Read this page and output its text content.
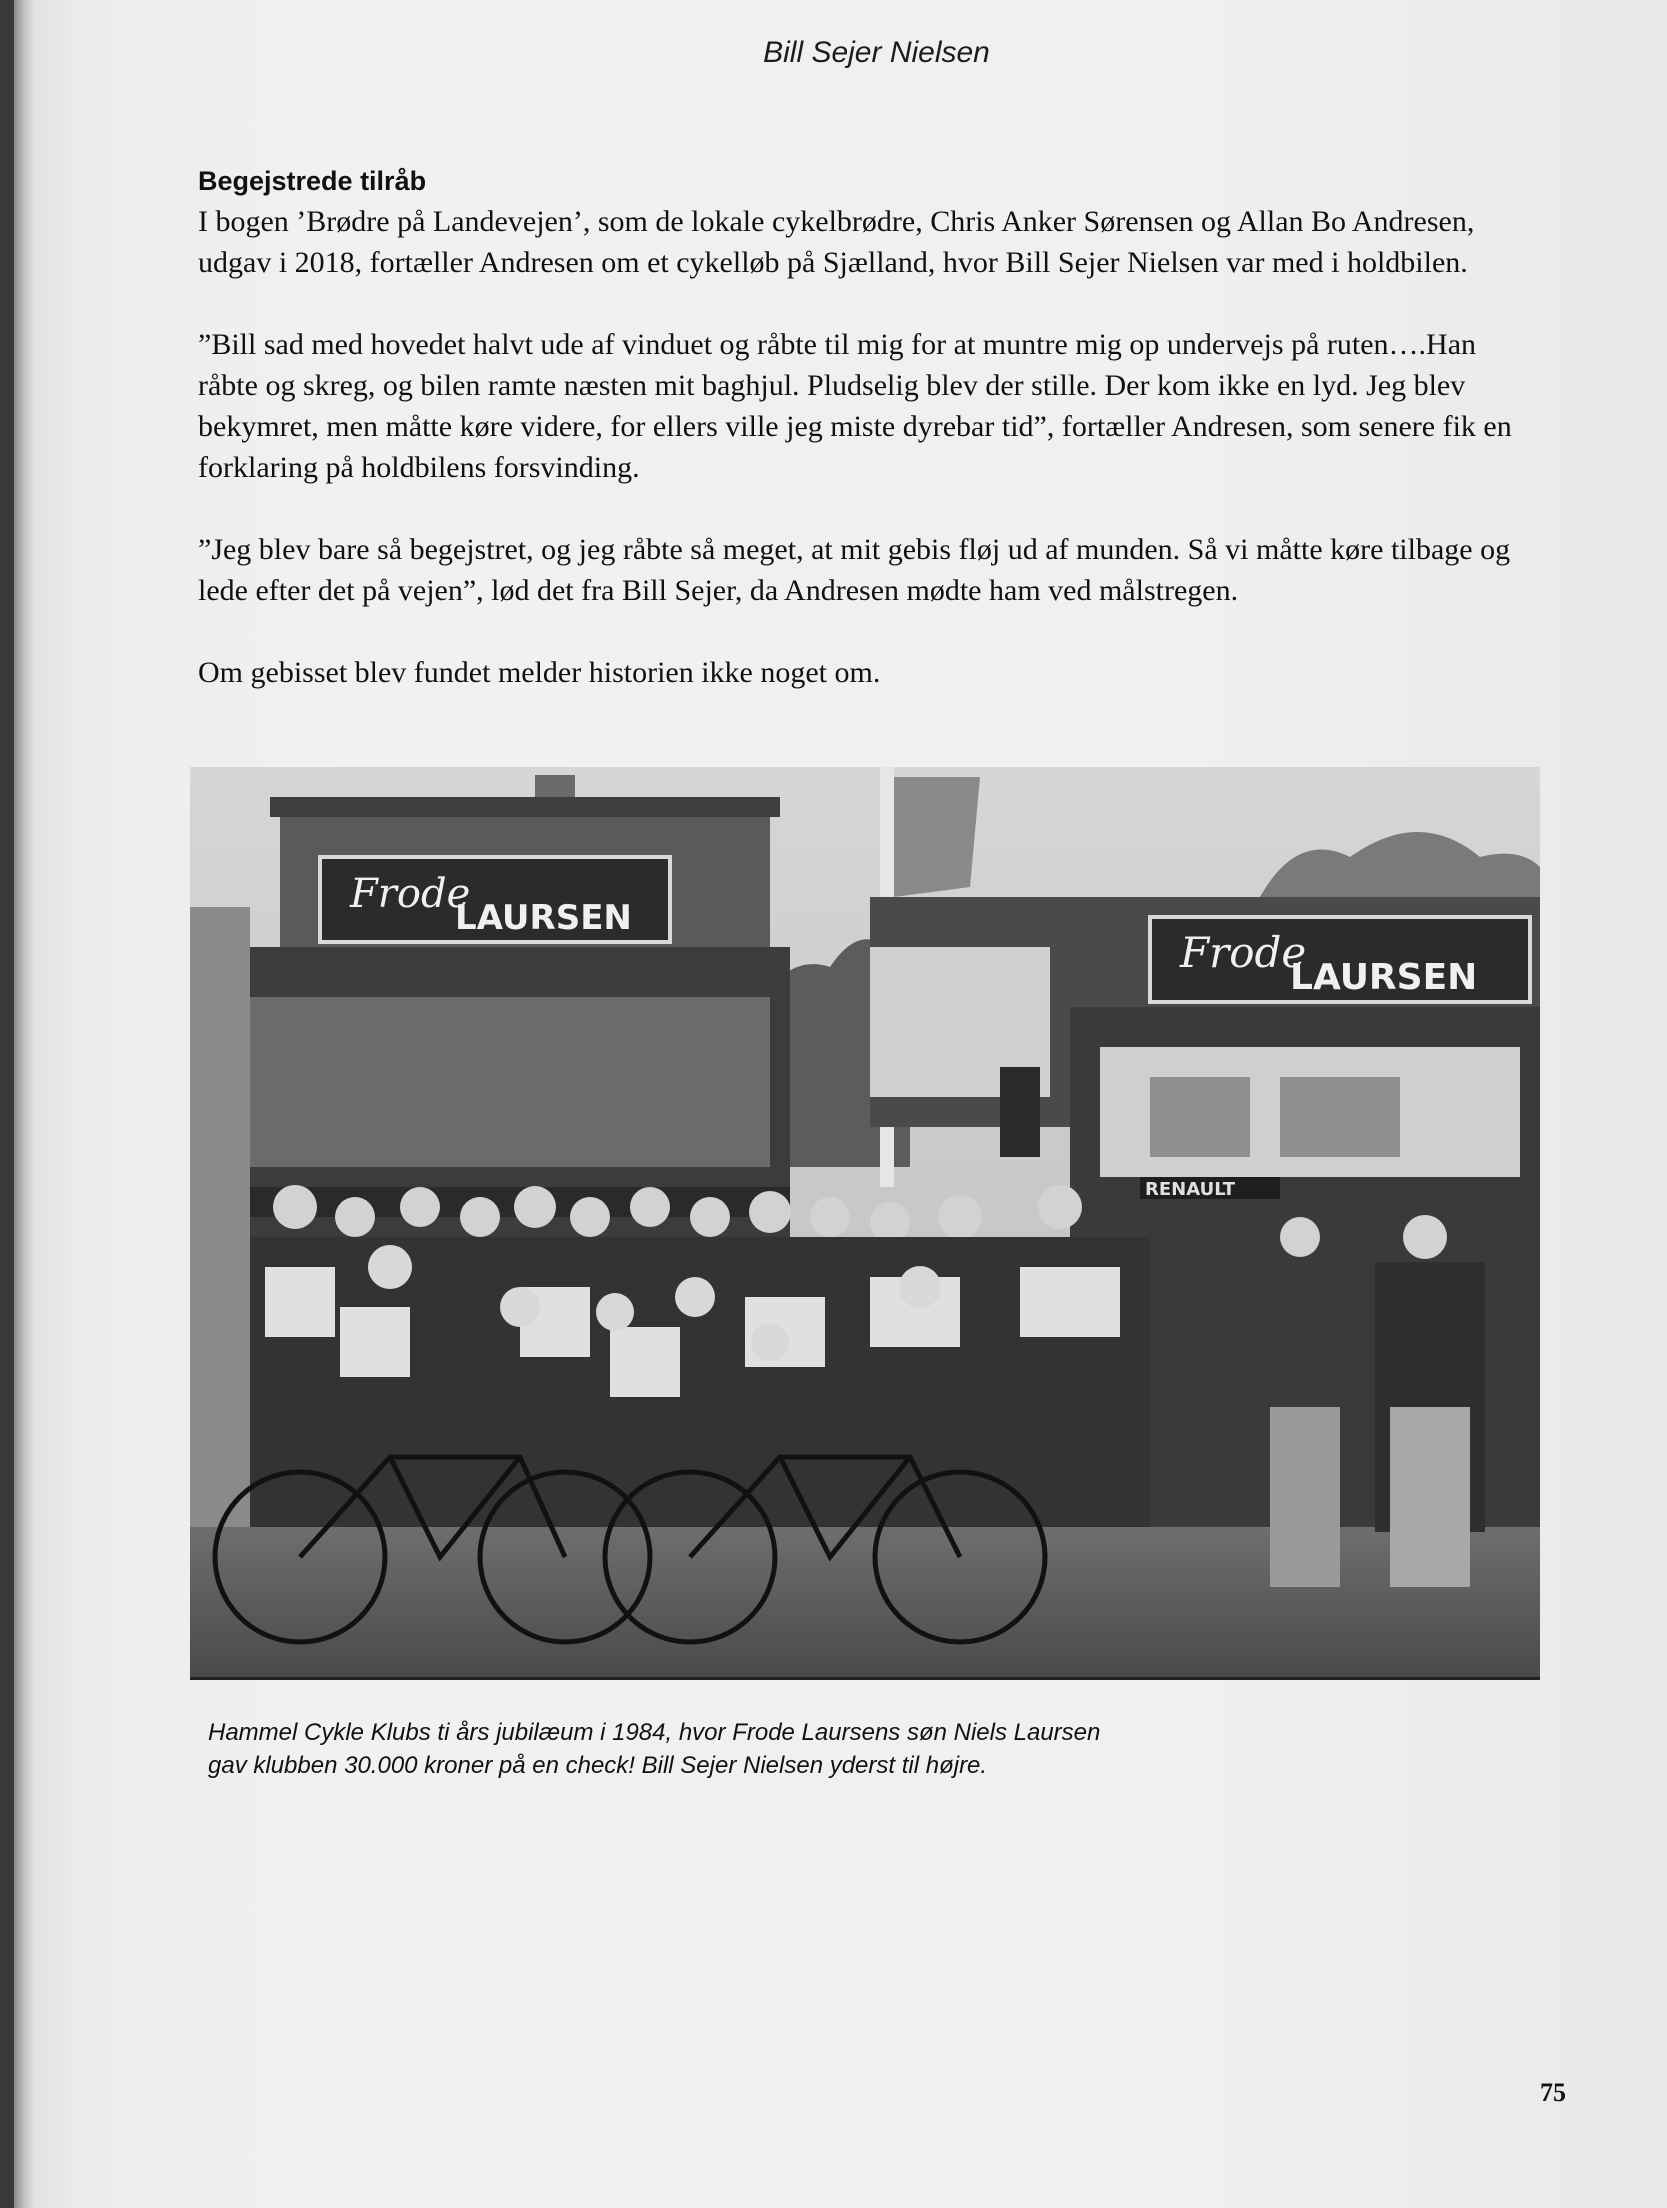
Bill Sejer Nielsen
Begejstrede tilråb

I bogen ’Brødre på Landevejen’, som de lokale cykelbrødre, Chris Anker Sørensen og Allan Bo Andresen, udgav i 2018, fortæller Andresen om et cykelløb på Sjælland, hvor Bill Sejer Nielsen var med i holdbilen.

”Bill sad med hovedet halvt ude af vinduet og råbte til mig for at muntre mig op undervejs på ruten….Han råbte og skreg, og bilen ramte næsten mit baghjul. Pludselig blev der stille. Der kom ikke en lyd. Jeg blev bekymret, men måtte køre videre, for ellers ville jeg miste dyrebar tid”, fortæller Andresen, som senere fik en forklaring på holdbilens forsvinding.

”Jeg blev bare så begejstret, og jeg råbte så meget, at mit gebis fløj ud af munden. Så vi måtte køre tilbage og lede efter det på vejen”, lød det fra Bill Sejer, da Andresen mødte ham ved målstregen.

Om gebisset blev fundet melder historien ikke noget om.

Frode
LAURSEN
Frode
LAURSEN
RENAULT
Hammel Cykle Klubs ti års jubilæum i 1984, hvor Frode Laursens søn Niels Laursen
gav klubben 30.000 kroner på en check! Bill Sejer Nielsen yderst til højre.
75
